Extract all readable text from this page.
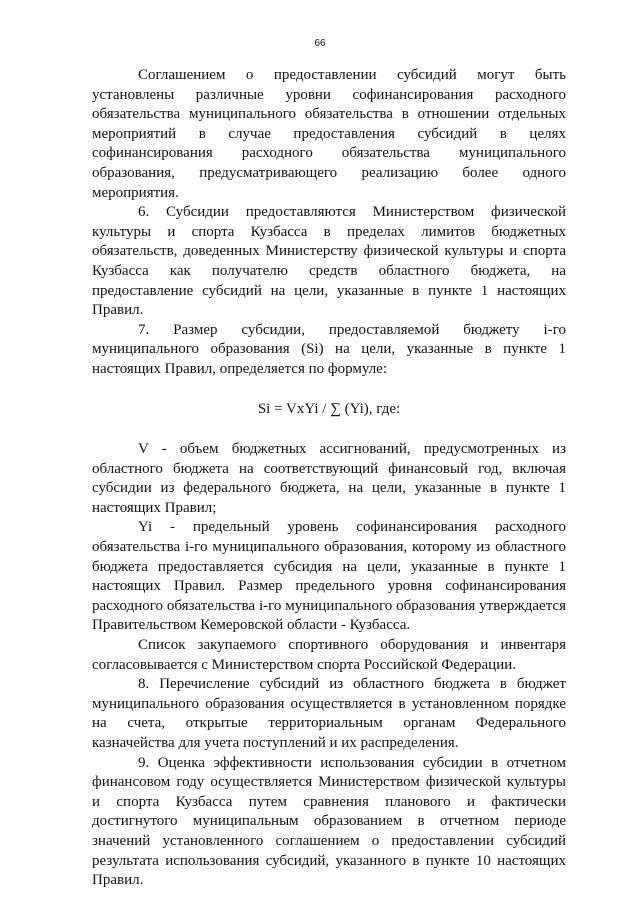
66

Соглашением о предоставлении субсидий могут быть установлены различные уровни софинансирования расходного обязательства муниципального обязательства в отношении отдельных мероприятий в случае предоставления субсидий в целях софинансирования расходного обязательства муниципального образования, предусматривающего реализацию более одного мероприятия.

6. Субсидии предоставляются Министерством физической культуры и спорта Кузбасса в пределах лимитов бюджетных обязательств, доведенных Министерству физической культуры и спорта Кузбасса как получателю средств областного бюджета, на предоставление субсидий на цели, указанные в пункте 1 настоящих Правил.

7. Размер субсидии, предоставляемой бюджету i-го муниципального образования (Si) на цели, указанные в пункте 1 настоящих Правил, определяется по формуле:

Si = VxYi / ∑ (Yi), где:

V - объем бюджетных ассигнований, предусмотренных из областного бюджета на соответствующий финансовый год, включая субсидии из федерального бюджета, на цели, указанные в пункте 1 настоящих Правил;

Yi - предельный уровень софинансирования расходного обязательства i-го муниципального образования, которому из областного бюджета предоставляется субсидия на цели, указанные в пункте 1 настоящих Правил. Размер предельного уровня софинансирования расходного обязательства i-го муниципального образования утверждается Правительством Кемеровской области - Кузбасса.

Список закупаемого спортивного оборудования и инвентаря согласовывается с Министерством спорта Российской Федерации.

8. Перечисление субсидий из областного бюджета в бюджет муниципального образования осуществляется в установленном порядке на счета, открытые территориальным органам Федерального казначейства для учета поступлений и их распределения.

9. Оценка эффективности использования субсидии в отчетном финансовом году осуществляется Министерством физической культуры и спорта Кузбасса путем сравнения планового и фактически достигнутого муниципальным образованием в отчетном периоде значений установленного соглашением о предоставлении субсидий результата использования субсидий, указанного в пункте 10 настоящих Правил.
